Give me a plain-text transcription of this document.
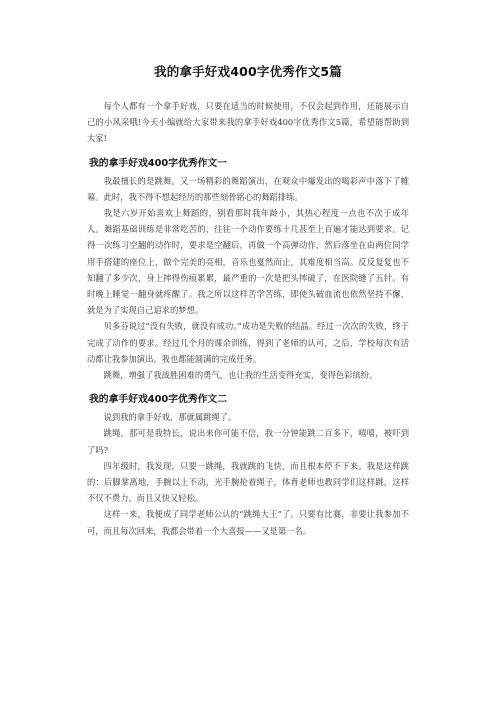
我的拿手好戏400字优秀作文5篇

每个人都有一个拿手好戏，只要在适当的时候使用，不仅会起到作用，还能展示自己的小风采哦!今天小编就给大家带来我的拿手好戏400字优秀作文5篇，希望能帮助到大家!

我的拿手好戏400字优秀作文一

我最擅长的是跳舞。又一场精彩的舞蹈演出，在观众中爆发出的喝彩声中落下了帷幕。此时，我不得不想起经历的那些刻骨铭心的舞蹈排练。

我是六岁开始喜欢上舞蹈的，别看那时我年龄小，其热心程度一点也不次于成年人。舞蹈基础训练是非常吃苦的，往往一个动作要练十几甚至上百遍才能达到要求。记得一次练习空翻的动作时，要求是空翻后，再做一个高弹动作，然后落坐在由两位同学用手搭建的座位上，做个完美的亮相，音乐也戛然而止，其难度相当高。反反复复也不知翻了多少次，身上摔得伤痕累累，最严重的一次是把头摔破了，在医院缝了五针。有时晚上睡觉一翻身就疼醒了。我之所以这样苦学苦练，即使头破血流也依然坚持不懈，就是为了实现自己追求的梦想。

贝多芬说过“没有失败，就没有成功。”成功是失败的结晶。经过一次次的失败，终于完成了动作的要求。经过几个月的课余训练，得到了老师的认可，之后，学校每次有活动都让我参加演出。我也都能圆满的完成任务。

跳舞，增强了我战胜困难的勇气，也让我的生活变得充实，变得色彩缤纷。

我的拿手好戏400字优秀作文二

说到我的拿手好戏，那就属跳绳了。

跳绳，那可是我特长，说出来你可能不信，我一分钟能跳二百多下，嘻嘻，被吓到了吗?

四年级时，我发现，只要一跳绳，我就跳的飞快，而且根本停不下来。我是这样跳的：后脚掌离地，手腕以上不动，光手腕抡着绳子，体育老师也教同学们这样跳，这样不仅不费力，而且又快又轻松。

这样一来，我便成了同学老师公认的“跳绳大王”了，只要有比赛，非要让我参加不可，而且每次回来，我都会带着一个大喜报——又是第一名。
